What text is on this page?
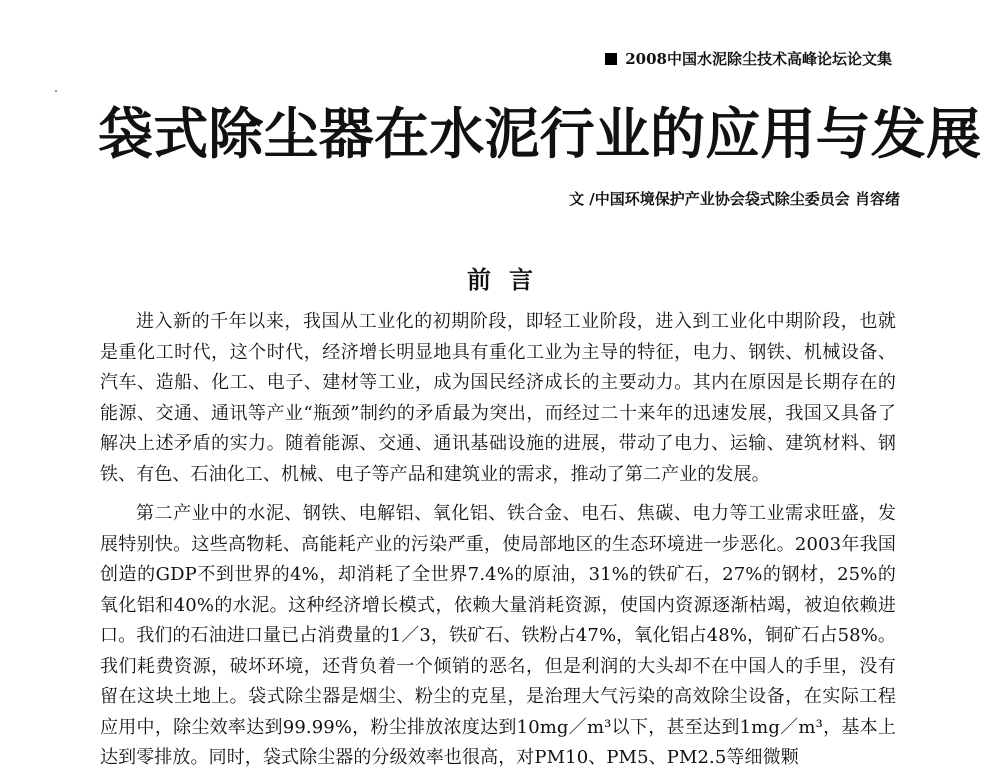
2008中国水泥除尘技术高峰论坛论文集
袋式除尘器在水泥行业的应用与发展
文 /中国环境保护产业协会袋式除尘委员会 肖容绪
前言

进入新的千年以来，我国从工业化的初期阶段，即轻工业阶段，进入到工业化中期阶段，也就是重化工时代，这个时代，经济增长明显地具有重化工业为主导的特征，电力、钢铁、机械设备、汽车、造船、化工、电子、建材等工业，成为国民经济成长的主要动力。其内在原因是长期存在的能源、交通、通讯等产业“瓶颈”制约的矛盾最为突出，而经过二十来年的迅速发展，我国又具备了解决上述矛盾的实力。随着能源、交通、通讯基础设施的进展，带动了电力、运输、建筑材料、钢铁、有色、石油化工、机械、电子等产品和建筑业的需求，推动了第二产业的发展。

第二产业中的水泥、钢铁、电解铝、氧化铝、铁合金、电石、焦碳、电力等工业需求旺盛，发展特别快。这些高物耗、高能耗产业的污染严重，使局部地区的生态环境进一步恶化。2003年我国创造的GDP不到世界的4%，却消耗了全世界7.4%的原油，31%的铁矿石，27%的钢材，25%的氧化铝和40%的水泥。这种经济增长模式，依赖大量消耗资源，使国内资源逐渐枯竭，被迫依赖进口。我们的石油进口量已占消费量的1／3，铁矿石、铁粉占47%，氧化铝占48%，铜矿石占58%。我们耗费资源，破坏环境，还背负着一个倾销的恶名，但是利润的大头却不在中国人的手里，没有留在这块土地上。袋式除尘器是烟尘、粉尘的克星，是治理大气污染的高效除尘设备，在实际工程应用中，除尘效率达到99.99%，粉尘排放浓度达到10mg／m³以下，甚至达到1mg／m³，基本上达到零排放。同时，袋式除尘器的分级效率也很高，对PM10、PM5、PM2.5等细微颗
